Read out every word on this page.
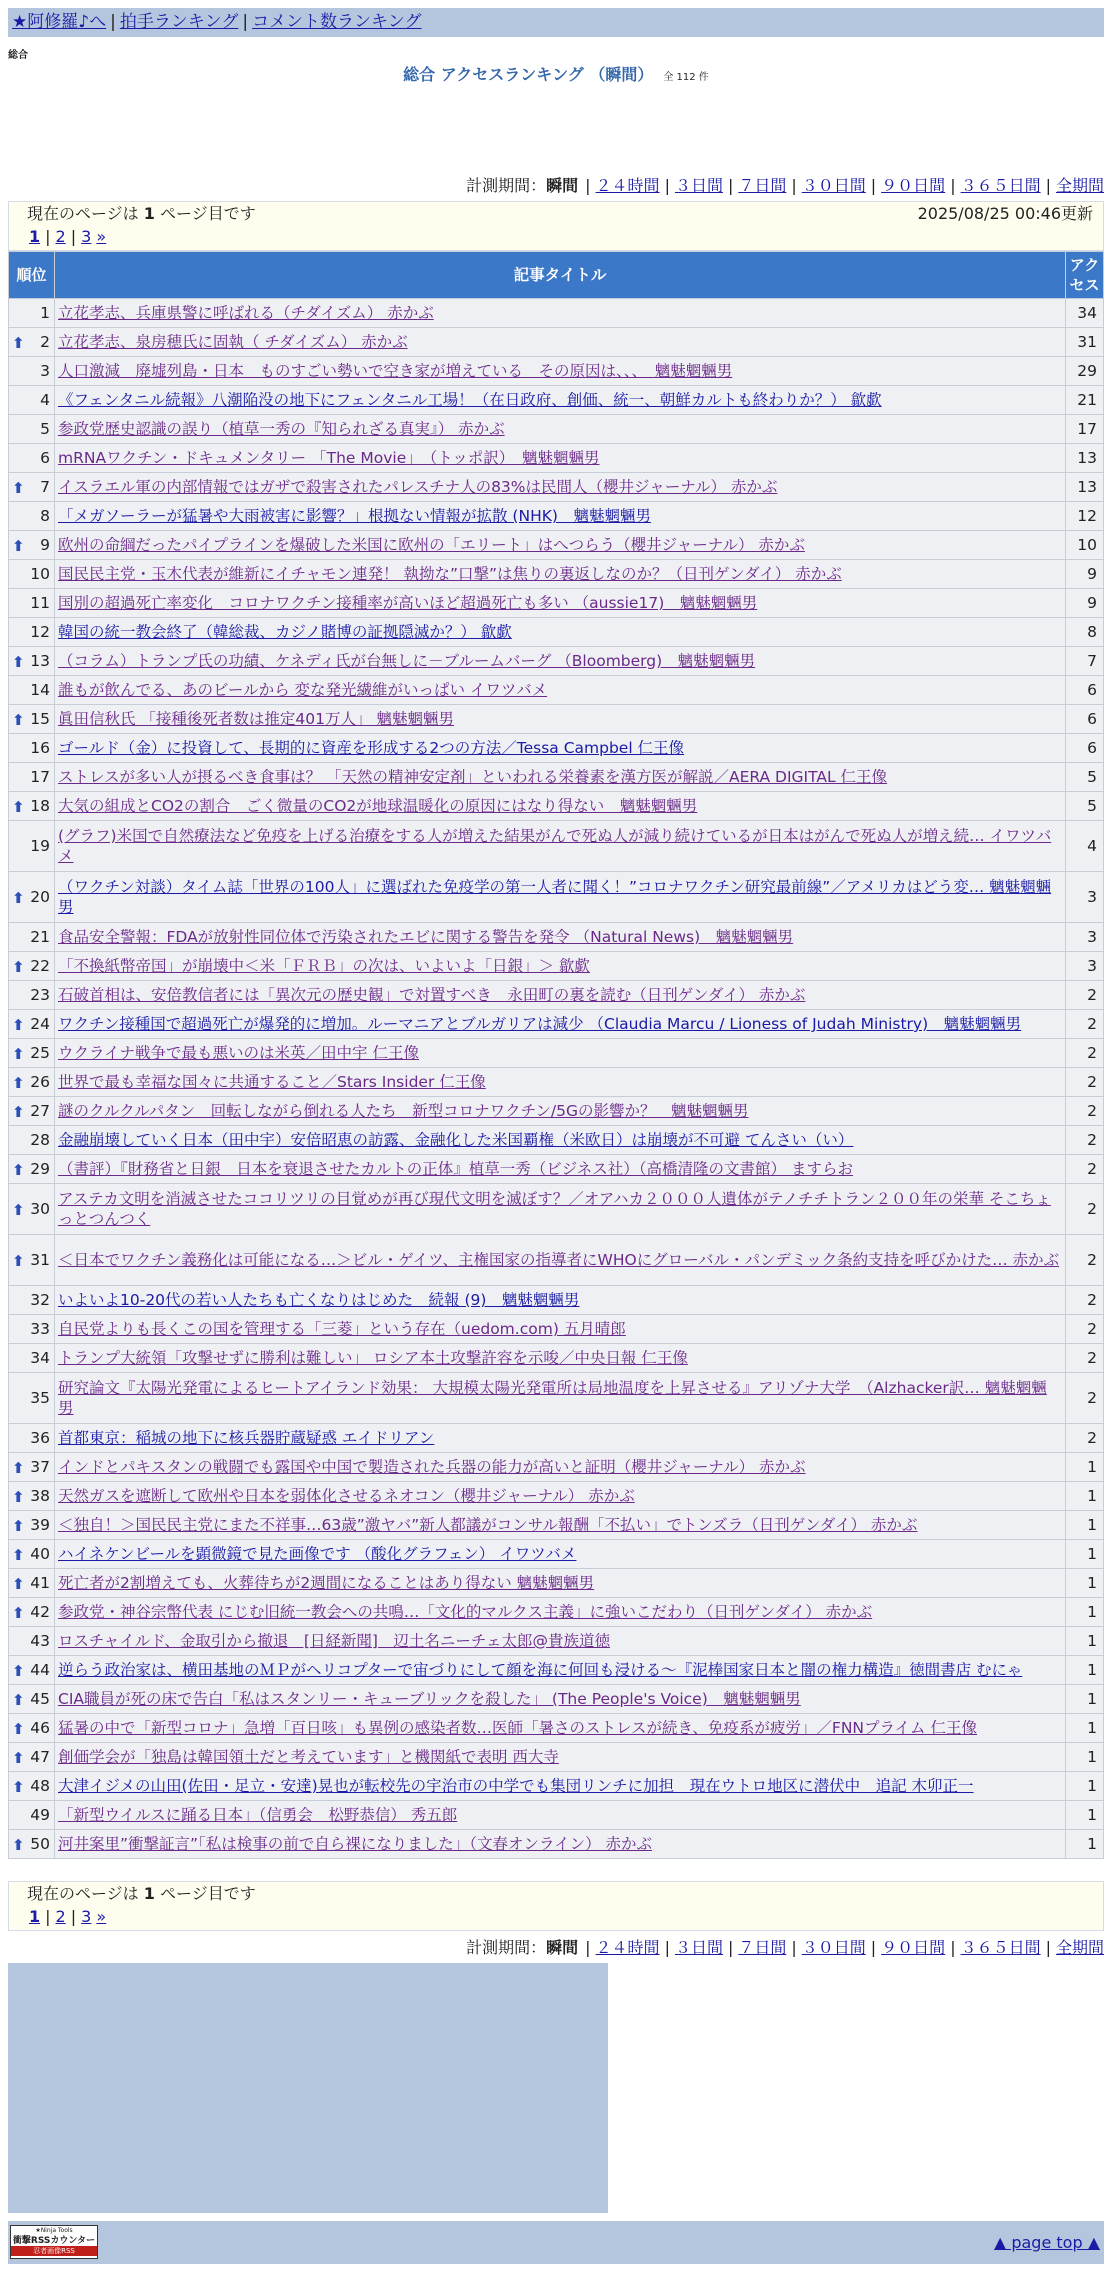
★阿修羅♪へ | 拍手ランキング | コメント数ランキング
総合
総合 アクセスランキング （瞬間） 全 112 件
計測期間：瞬間 | ２４時間 | ３日間 | ７日間 | ３０日間 | ９０日間 | ３６５日間 | 全期間
現在のページは 1 ページ目です	2025/08/25 00:46更新
1 | 2 | 3 »
順位	記事タイトル	アクセス
1	立花孝志、兵庫県警に呼ばれる（チダイズム） 赤かぶ	34

⬆ 2	立花孝志、泉房穂氏に固執（ チダイズム） 赤かぶ	31
3	人口激減　廃墟列島・日本　ものすごい勢いで空き家が増えている　その原因は、、、　魑魅魍魎男	29
4	《フェンタニル続報》八潮陥没の地下にフェンタニル工場！（在日政府、創価、統一、朝鮮カルトも終わりか？） 歙歔	21
5	参政党歴史認識の誤り（植草一秀の『知られざる真実』） 赤かぶ	17
6	mRNAワクチン・ドキュメンタリー 「The Movie」　（トッポ訳）　魑魅魍魎男	13

⬆ 7	イスラエル軍の内部情報ではガザで殺害されたパレスチナ人の83%は民間人（櫻井ジャーナル） 赤かぶ	13
8	「メガソーラーが猛暑や大雨被害に影響？」根拠ない情報が拡散 (NHK)　魑魅魍魎男	12

⬆ 9	欧州の命綱だったパイプラインを爆破した米国に欧州の「エリート」はへつらう（櫻井ジャーナル） 赤かぶ	10
10	国民民主党・玉木代表が維新にイチャモン連発！ 執拗な”口撃”は焦りの裏返しなのか？（日刊ゲンダイ） 赤かぶ	9
11	国別の超過死亡率変化　コロナワクチン接種率が高いほど超過死亡も多い （aussie17)　魑魅魍魎男	9
12	韓国の統一教会終了（韓総裁、カジノ賭博の証拠隠滅か？） 歙歔	8

⬆ 13	（コラム）トランプ氏の功績、ケネディ氏が台無しに－ブルームバーグ （Bloomberg)　魑魅魍魎男	7
14	誰もが飲んでる、あのビールから 変な発光繊維がいっぱい イワツバメ	6

⬆ 15	眞田信秋氏 「接種後死者数は推定401万人」 魑魅魍魎男	6
16	ゴールド（金）に投資して、長期的に資産を形成する2つの方法／Tessa Campbel 仁王像	6
17	ストレスが多い人が摂るべき食事は？ 「天然の精神安定剤」といわれる栄養素を漢方医が解説／AERA DIGITAL 仁王像	5

⬆ 18	大気の組成とCO2の割合　ごく微量のCO2が地球温暖化の原因にはなり得ない　魑魅魍魎男	5
19	(グラフ)米国で自然療法など免疫を上げる治療をする人が増えた結果がんで死ぬ人が減り続けているが日本はがんで死ぬ人が増え続… イワツバメ	4

⬆ 20	（ワクチン対談）タイム誌「世界の100人」に選ばれた免疫学の第一人者に聞く！”コロナワクチン研究最前線”／アメリカはどう変… 魑魅魍魎男	3
21	食品安全警報：FDAが放射性同位体で汚染されたエビに関する警告を発令 （Natural News)　魑魅魍魎男	3

⬆ 22	「不換紙幣帝国」が崩壊中＜米「ＦＲＢ」の次は、いよいよ「日銀」＞ 歙歔	3
23	石破首相は、安倍教信者には「異次元の歴史観」で対置すべき　永田町の裏を読む（日刊ゲンダイ） 赤かぶ	2

⬆ 24	ワクチン接種国で超過死亡が爆発的に増加。ルーマニアとブルガリアは減少 （Claudia Marcu / Lioness of Judah Ministry)　魑魅魍魎男	2

⬆ 25	ウクライナ戦争で最も悪いのは米英／田中宇 仁王像	2

⬆ 26	世界で最も幸福な国々に共通すること／Stars Insider 仁王像	2

⬆ 27	謎のクルクルパタン　回転しながら倒れる人たち　新型コロナワクチン/5Gの影響か？　魑魅魍魎男	2
28	金融崩壊していく日本（田中宇）安倍昭恵の訪露、金融化した米国覇権（米欧日）は崩壊が不可避 てんさい（い）	2

⬆ 29	（書評）『財務省と日銀　日本を衰退させたカルトの正体』植草一秀（ビジネス社）（高橋清隆の文書館） ますらお	2

⬆ 30	アステカ文明を消滅させたココリツリの目覚めが再び現代文明を滅ぼす？／オアハカ２０００人遺体がテノチチトラン２００年の栄華 そこちょっとつんつく	2

⬆ 31	＜日本でワクチン義務化は可能になる…＞ビル・ゲイツ、主権国家の指導者にWHOにグローバル・パンデミック条約支持を呼びかけた… 赤かぶ	2
32	いよいよ10-20代の若い人たちも亡くなりはじめた　続報 (9)　魑魅魍魎男	2
33	自民党よりも長くこの国を管理する「三菱」という存在（uedom.com) 五月晴郎	2
34	トランプ大統領「攻撃せずに勝利は難しい」 ロシア本土攻撃許容を示唆／中央日報 仁王像	2
35	研究論文『太陽光発電によるヒートアイランド効果： 大規模太陽光発電所は局地温度を上昇させる』アリゾナ大学　（Alzhacker訳… 魑魅魍魎男	2
36	首都東京：稲城の地下に核兵器貯蔵疑惑 エイドリアン	2

⬆ 37	インドとパキスタンの戦闘でも露国や中国で製造された兵器の能力が高いと証明（櫻井ジャーナル） 赤かぶ	1

⬆ 38	天然ガスを遮断して欧州や日本を弱体化させるネオコン（櫻井ジャーナル） 赤かぶ	1

⬆ 39	＜独自！＞国民民主党にまた不祥事…63歳”激ヤバ”新人都議がコンサル報酬「不払い」でトンズラ（日刊ゲンダイ） 赤かぶ	1

⬆ 40	ハイネケンビールを顕微鏡で見た画像です （酸化グラフェン） イワツバメ	1

⬆ 41	死亡者が2割増えても、火葬待ちが2週間になることはあり得ない 魑魅魍魎男	1

⬆ 42	参政党・神谷宗幣代表 にじむ旧統一教会への共鳴…「文化的マルクス主義」に強いこだわり（日刊ゲンダイ） 赤かぶ	1
43	ロスチャイルド、金取引から撤退　[日経新聞]　辺土名ニーチェ太郎@貴族道徳	1

⬆ 44	逆らう政治家は、横田基地のＭＰがヘリコプターで宙づりにして顔を海に何回も浸ける〜『泥棒国家日本と闇の権力構造』徳間書店 むにゃ	1

⬆ 45	CIA職員が死の床で告白「私はスタンリー・キューブリックを殺した」 (The People's Voice)　魑魅魍魎男	1

⬆ 46	猛暑の中で「新型コロナ」急増「百日咳」も異例の感染者数…医師「暑さのストレスが続き、免疫系が疲労」／FNNプライム 仁王像	1

⬆ 47	創価学会が「独島は韓国領土だと考えています」と機関紙で表明 西大寺	1

⬆ 48	大津イジメの山田(佐田・足立・安達)晃也が転校先の宇治市の中学でも集団リンチに加担　現在ウトロ地区に潜伏中　追記 木卯正一	1
49	「新型ウイルスに踊る日本」（信勇会　松野恭信） 秀五郎	1

⬆ 50	河井案里”衝撃証言”「私は検事の前で自ら裸になりました」（文春オンライン） 赤かぶ	1
現在のページは 1 ページ目です
1 | 2 | 3 »
計測期間：瞬間 | ２４時間 | ３日間 | ７日間 | ３０日間 | ９０日間 | ３６５日間 | 全期間
★Ninja Tools
衝撃RSSカウンター
忍者画像RSS	▲ page top ▲
